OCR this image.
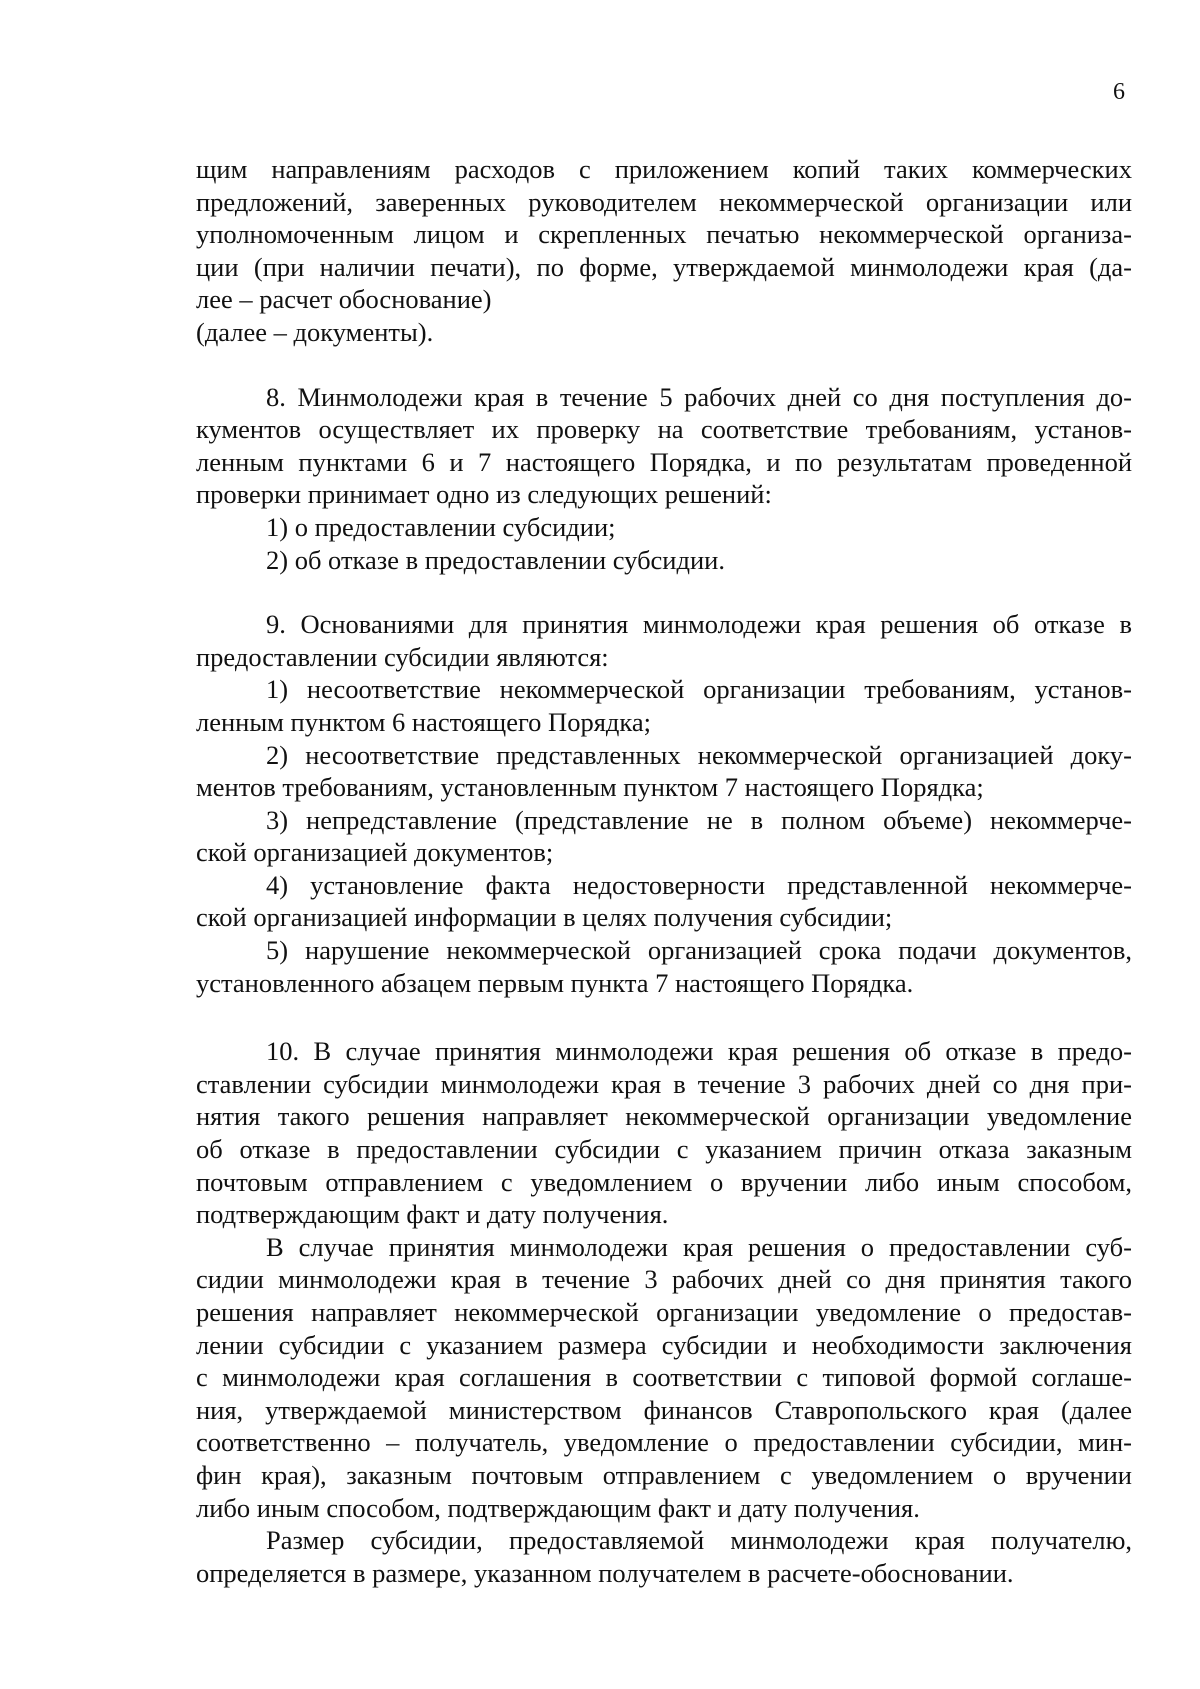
6

щим направлениям расходов с приложением копий таких коммерческих
предложений, заверенных руководителем некоммерческой организации или
уполномоченным лицом и скрепленных печатью некоммерческой организа-
ции (при наличии печати), по форме, утверждаемой минмолодежи края (да-
лее – расчет обоснование)

(далее – документы).

8. Минмолодежи края в течение 5 рабочих дней со дня поступления до-
кументов осуществляет их проверку на соответствие требованиям, установ-
ленным пунктами 6 и 7 настоящего Порядка, и по результатам проведенной
проверки принимает одно из следующих решений:

1) о предоставлении субсидии;

2) об отказе в предоставлении субсидии.

9. Основаниями для принятия минмолодежи края решения об отказе в
предоставлении субсидии являются:

1) несоответствие некоммерческой организации требованиям, установ-
ленным пунктом 6 настоящего Порядка;

2) несоответствие представленных некоммерческой организацией доку-
ментов требованиям, установленным пунктом 7 настоящего Порядка;

3) непредставление (представление не в полном объеме) некоммерче-
ской организацией документов;

4) установление факта недостоверности представленной некоммерче-
ской организацией информации в целях получения субсидии;

5) нарушение некоммерческой организацией срока подачи документов,
установленного абзацем первым пункта 7 настоящего Порядка.

10. В случае принятия минмолодежи края решения об отказе в предо-
ставлении субсидии минмолодежи края в течение 3 рабочих дней со дня при-
нятия такого решения направляет некоммерческой организации уведомление
об отказе в предоставлении субсидии с указанием причин отказа заказным
почтовым отправлением с уведомлением о вручении либо иным способом,
подтверждающим факт и дату получения.

В случае принятия минмолодежи края решения о предоставлении суб-
сидии минмолодежи края в течение 3 рабочих дней со дня принятия такого
решения направляет некоммерческой организации уведомление о предостав-
лении субсидии с указанием размера субсидии и необходимости заключения
с минмолодежи края соглашения в соответствии с типовой формой соглаше-
ния, утверждаемой министерством финансов Ставропольского края (далее
соответственно – получатель, уведомление о предоставлении субсидии, мин-
фин края), заказным почтовым отправлением с уведомлением о вручении
либо иным способом, подтверждающим факт и дату получения.

Размер субсидии, предоставляемой минмолодежи края получателю,
определяется в размере, указанном получателем в расчете-обосновании.
